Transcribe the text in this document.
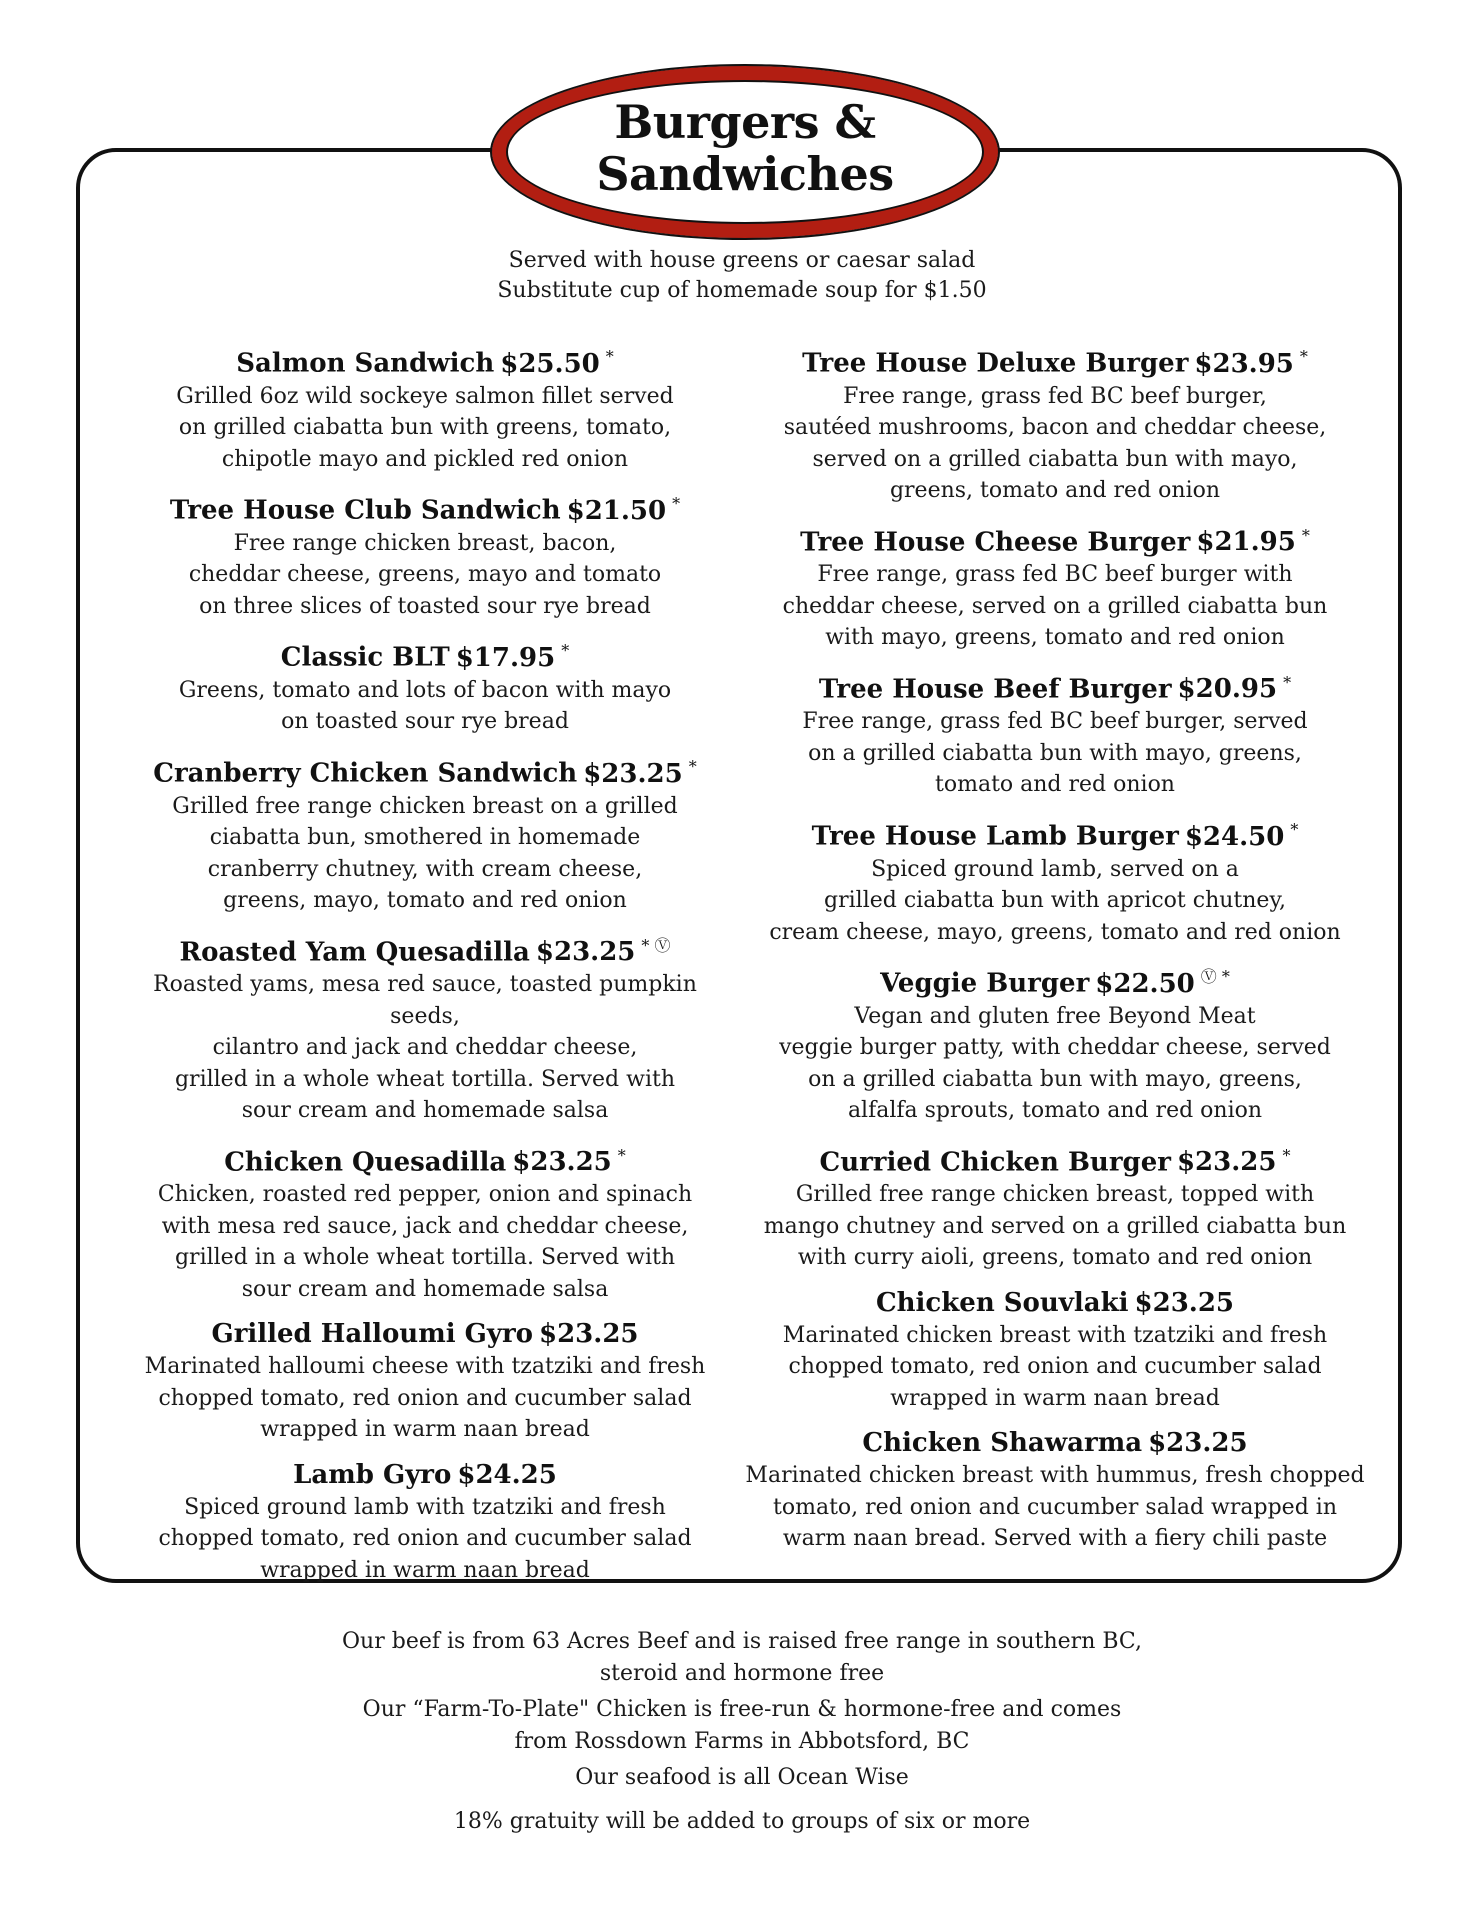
Burgers &
Sandwiches
Served with house greens or caesar salad
Substitute cup of homemade soup for $1.50
Salmon Sandwich $25.50 *
Grilled 6oz wild sockeye salmon fillet served
on grilled ciabatta bun with greens, tomato,
chipotle mayo and pickled red onion
Tree House Club Sandwich $21.50 *
Free range chicken breast, bacon,
cheddar cheese, greens, mayo and tomato
on three slices of toasted sour rye bread
Classic BLT $17.95 *
Greens, tomato and lots of bacon with mayo
on toasted sour rye bread
Cranberry Chicken Sandwich $23.25 *
Grilled free range chicken breast on a grilled
ciabatta bun, smothered in homemade
cranberry chutney, with cream cheese,
greens, mayo, tomato and red onion
Roasted Yam Quesadilla $23.25 * Ⓥ
Roasted yams, mesa red sauce, toasted pumpkin seeds,
cilantro and jack and cheddar cheese,
grilled in a whole wheat tortilla. Served with
sour cream and homemade salsa
Chicken Quesadilla $23.25 *
Chicken, roasted red pepper, onion and spinach
with mesa red sauce, jack and cheddar cheese,
grilled in a whole wheat tortilla. Served with
sour cream and homemade salsa
Grilled Halloumi Gyro $23.25
Marinated halloumi cheese with tzatziki and fresh
chopped tomato, red onion and cucumber salad
wrapped in warm naan bread
Lamb Gyro $24.25
Spiced ground lamb with tzatziki and fresh
chopped tomato, red onion and cucumber salad
wrapped in warm naan bread
Tree House Deluxe Burger $23.95 *
Free range, grass fed BC beef burger,
sautéed mushrooms, bacon and cheddar cheese,
served on a grilled ciabatta bun with mayo,
greens, tomato and red onion
Tree House Cheese Burger $21.95 *
Free range, grass fed BC beef burger with
cheddar cheese, served on a grilled ciabatta bun
with mayo, greens, tomato and red onion
Tree House Beef Burger $20.95 *
Free range, grass fed BC beef burger, served
on a grilled ciabatta bun with mayo, greens,
tomato and red onion
Tree House Lamb Burger $24.50 *
Spiced ground lamb, served on a
grilled ciabatta bun with apricot chutney,
cream cheese, mayo, greens, tomato and red onion
Veggie Burger $22.50 Ⓥ *
Vegan and gluten free Beyond Meat
veggie burger patty, with cheddar cheese, served
on a grilled ciabatta bun with mayo, greens,
alfalfa sprouts, tomato and red onion
Curried Chicken Burger $23.25 *
Grilled free range chicken breast, topped with
mango chutney and served on a grilled ciabatta bun
with curry aioli, greens, tomato and red onion
Chicken Souvlaki $23.25
Marinated chicken breast with tzatziki and fresh
chopped tomato, red onion and cucumber salad
wrapped in warm naan bread
Chicken Shawarma $23.25
Marinated chicken breast with hummus, fresh chopped
tomato, red onion and cucumber salad wrapped in
warm naan bread. Served with a fiery chili paste
Our beef is from 63 Acres Beef and is raised free range in southern BC,
steroid and hormone free
Our “Farm-To-Plate" Chicken is free-run & hormone-free and comes
from Rossdown Farms in Abbotsford, BC
Our seafood is all Ocean Wise
18% gratuity will be added to groups of six or more
